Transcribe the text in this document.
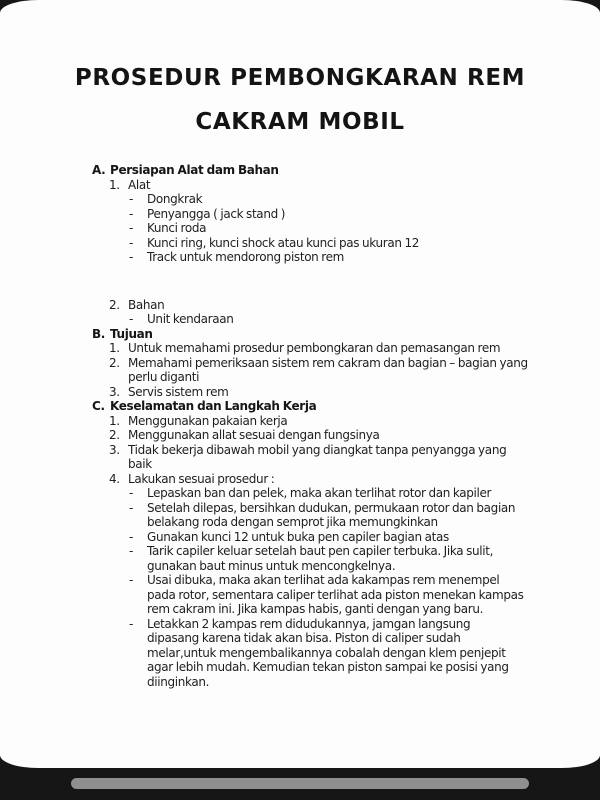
PROSEDUR PEMBONGKARAN REM
CAKRAM MOBIL
A. Persiapan Alat dam Bahan
1. Alat
- Dongkrak
- Penyangga ( jack stand )
- Kunci roda
- Kunci ring, kunci shock atau kunci pas ukuran 12
- Track untuk mendorong piston rem
2. Bahan
- Unit kendaraan
B. Tujuan
1. Untuk memahami prosedur pembongkaran dan pemasangan rem
2. Memahami pemeriksaan sistem rem cakram dan bagian – bagian yang perlu diganti
3. Servis sistem rem
C. Keselamatan dan Langkah Kerja
1. Menggunakan pakaian kerja
2. Menggunakan allat sesuai dengan fungsinya
3. Tidak bekerja dibawah mobil yang diangkat tanpa penyangga yang baik
4. Lakukan sesuai prosedur :
- Lepaskan ban dan pelek, maka akan terlihat rotor dan kapiler
- Setelah dilepas, bersihkan dudukan, permukaan rotor dan bagian belakang roda dengan semprot jika memungkinkan
- Gunakan kunci 12 untuk buka pen capiler bagian atas
- Tarik capiler keluar setelah baut pen capiler terbuka. Jika sulit, gunakan baut minus untuk mencongkelnya.
- Usai dibuka, maka akan terlihat ada kakampas rem menempel pada rotor, sementara caliper terlihat ada piston menekan kampas rem cakram ini. Jika kampas habis, ganti dengan yang baru.
- Letakkan 2 kampas rem didudukannya, jamgan langsung dipasang karena tidak akan bisa. Piston di caliper sudah melar,untuk mengembalikannya cobalah dengan klem penjepit agar lebih mudah. Kemudian tekan piston sampai ke posisi yang diinginkan.
